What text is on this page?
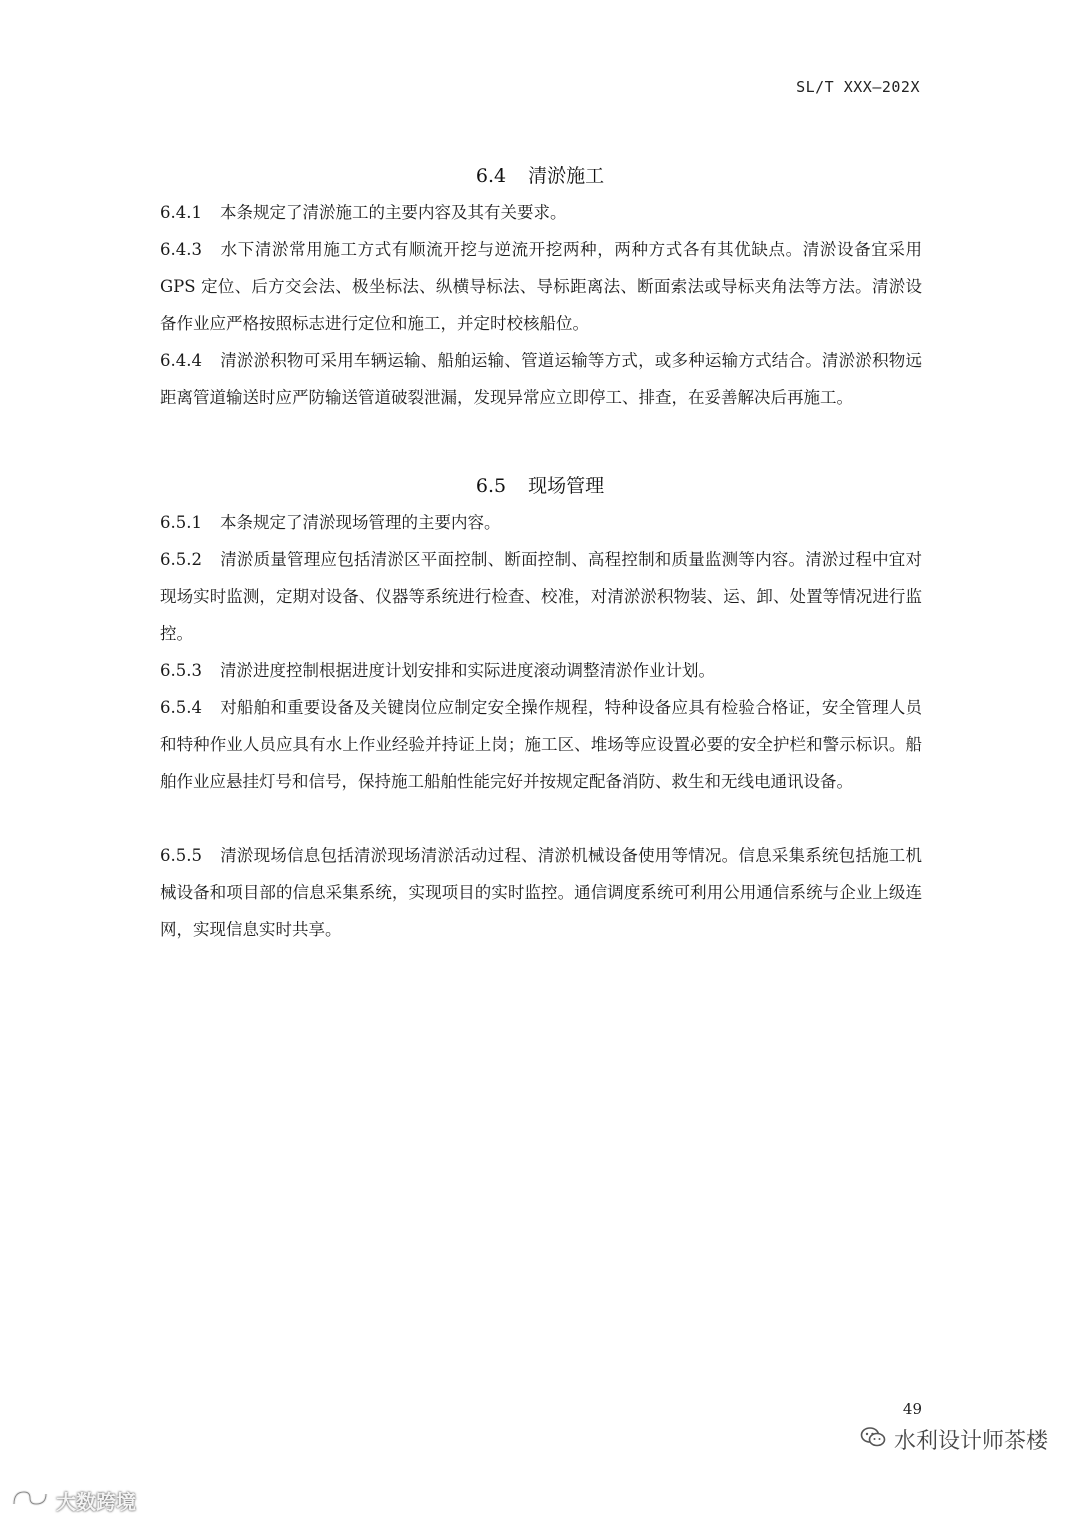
SL/T XXX—202X
6.4 清淤施工

6.4.1 本条规定了清淤施工的主要内容及其有关要求。

6.4.3 水下清淤常用施工方式有顺流开挖与逆流开挖两种，两种方式各有其优缺点。清淤设备宜采用 GPS 定位、后方交会法、极坐标法、纵横导标法、导标距离法、断面索法或导标夹角法等方法。清淤设备作业应严格按照标志进行定位和施工，并定时校核船位。

6.4.4 清淤淤积物可采用车辆运输、船舶运输、管道运输等方式，或多种运输方式结合。清淤淤积物远距离管道输送时应严防输送管道破裂泄漏，发现异常应立即停工、排查，在妥善解决后再施工。

6.5 现场管理

6.5.1 本条规定了清淤现场管理的主要内容。

6.5.2 清淤质量管理应包括清淤区平面控制、断面控制、高程控制和质量监测等内容。清淤过程中宜对现场实时监测，定期对设备、仪器等系统进行检查、校准，对清淤淤积物装、运、卸、处置等情况进行监控。

6.5.3 清淤进度控制根据进度计划安排和实际进度滚动调整清淤作业计划。

6.5.4 对船舶和重要设备及关键岗位应制定安全操作规程，特种设备应具有检验合格证，安全管理人员和特种作业人员应具有水上作业经验并持证上岗；施工区、堆场等应设置必要的安全护栏和警示标识。船舶作业应悬挂灯号和信号，保持施工船舶性能完好并按规定配备消防、救生和无线电通讯设备。

6.5.5 清淤现场信息包括清淤现场清淤活动过程、清淤机械设备使用等情况。信息采集系统包括施工机械设备和项目部的信息采集系统，实现项目的实时监控。通信调度系统可利用公用通信系统与企业上级连网，实现信息实时共享。

49
水利设计师茶楼
大数跨境
